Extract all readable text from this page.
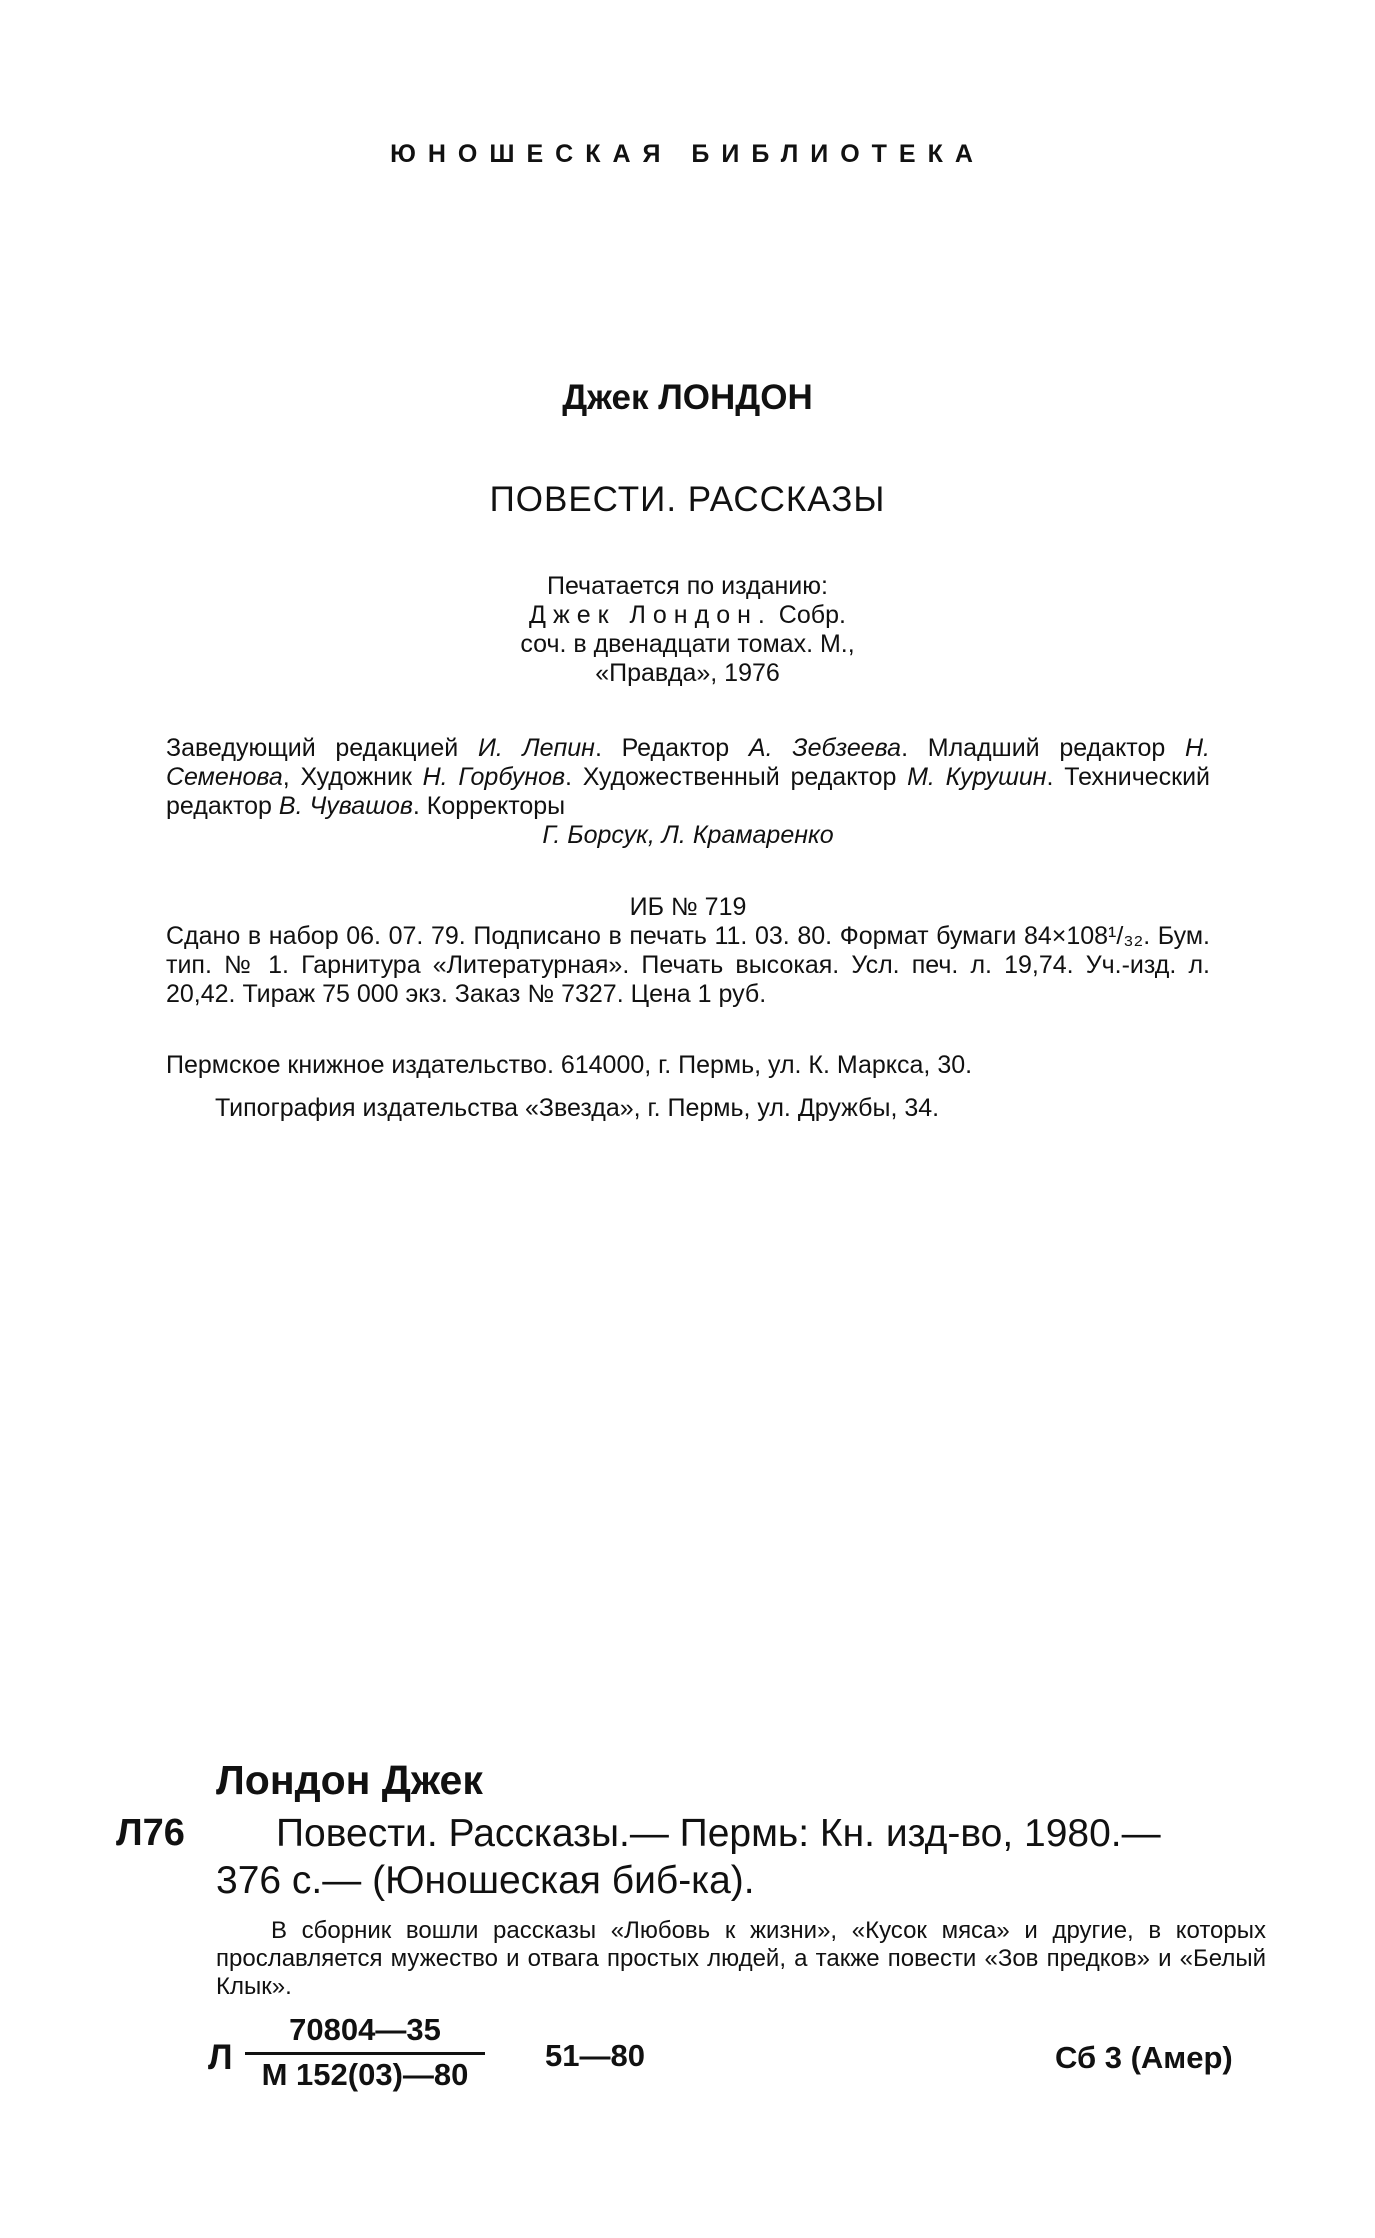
ЮНОШЕСКАЯ БИБЛИОТЕКА
Джек ЛОНДОН
ПОВЕСТИ. РАССКАЗЫ
Печатается по изданию:
Джек Лондон. Собр.
соч. в двенадцати томах. М.,
«Правда», 1976
Заведующий редакцией И. Лепин. Редактор А. Зебзеева. Младший редактор Н. Семенова, Художник Н. Горбунов. Художественный редактор М. Курушин. Технический редактор В. Чувашов. Корректоры
Г. Борсук, Л. Крамаренко
ИБ № 719
Сдано в набор 06. 07. 79. Подписано в печать 11. 03. 80. Формат бумаги 84×108¹/₃₂. Бум. тип. № 1. Гарнитура «Литературная». Печать высокая. Усл. печ. л. 19,74. Уч.-изд. л. 20,42. Тираж 75 000 экз. Заказ № 7327. Цена 1 руб.
Пермское книжное издательство. 614000, г. Пермь, ул. К. Маркса, 30.
Типография издательства «Звезда», г. Пермь, ул. Дружбы, 34.
Лондон Джек
Л76	Повести. Рассказы.— Пермь: Кн. изд-во, 1980.—
376 с.— (Юношеская биб-ка).
В сборник вошли рассказы «Любовь к жизни», «Кусок мяса» и другие, в которых прославляется мужество и отвага простых людей, а также повести «Зов предков» и «Белый Клык».
Л
70804—35
М 152(03)—80
51—80	Сб 3 (Амер)
